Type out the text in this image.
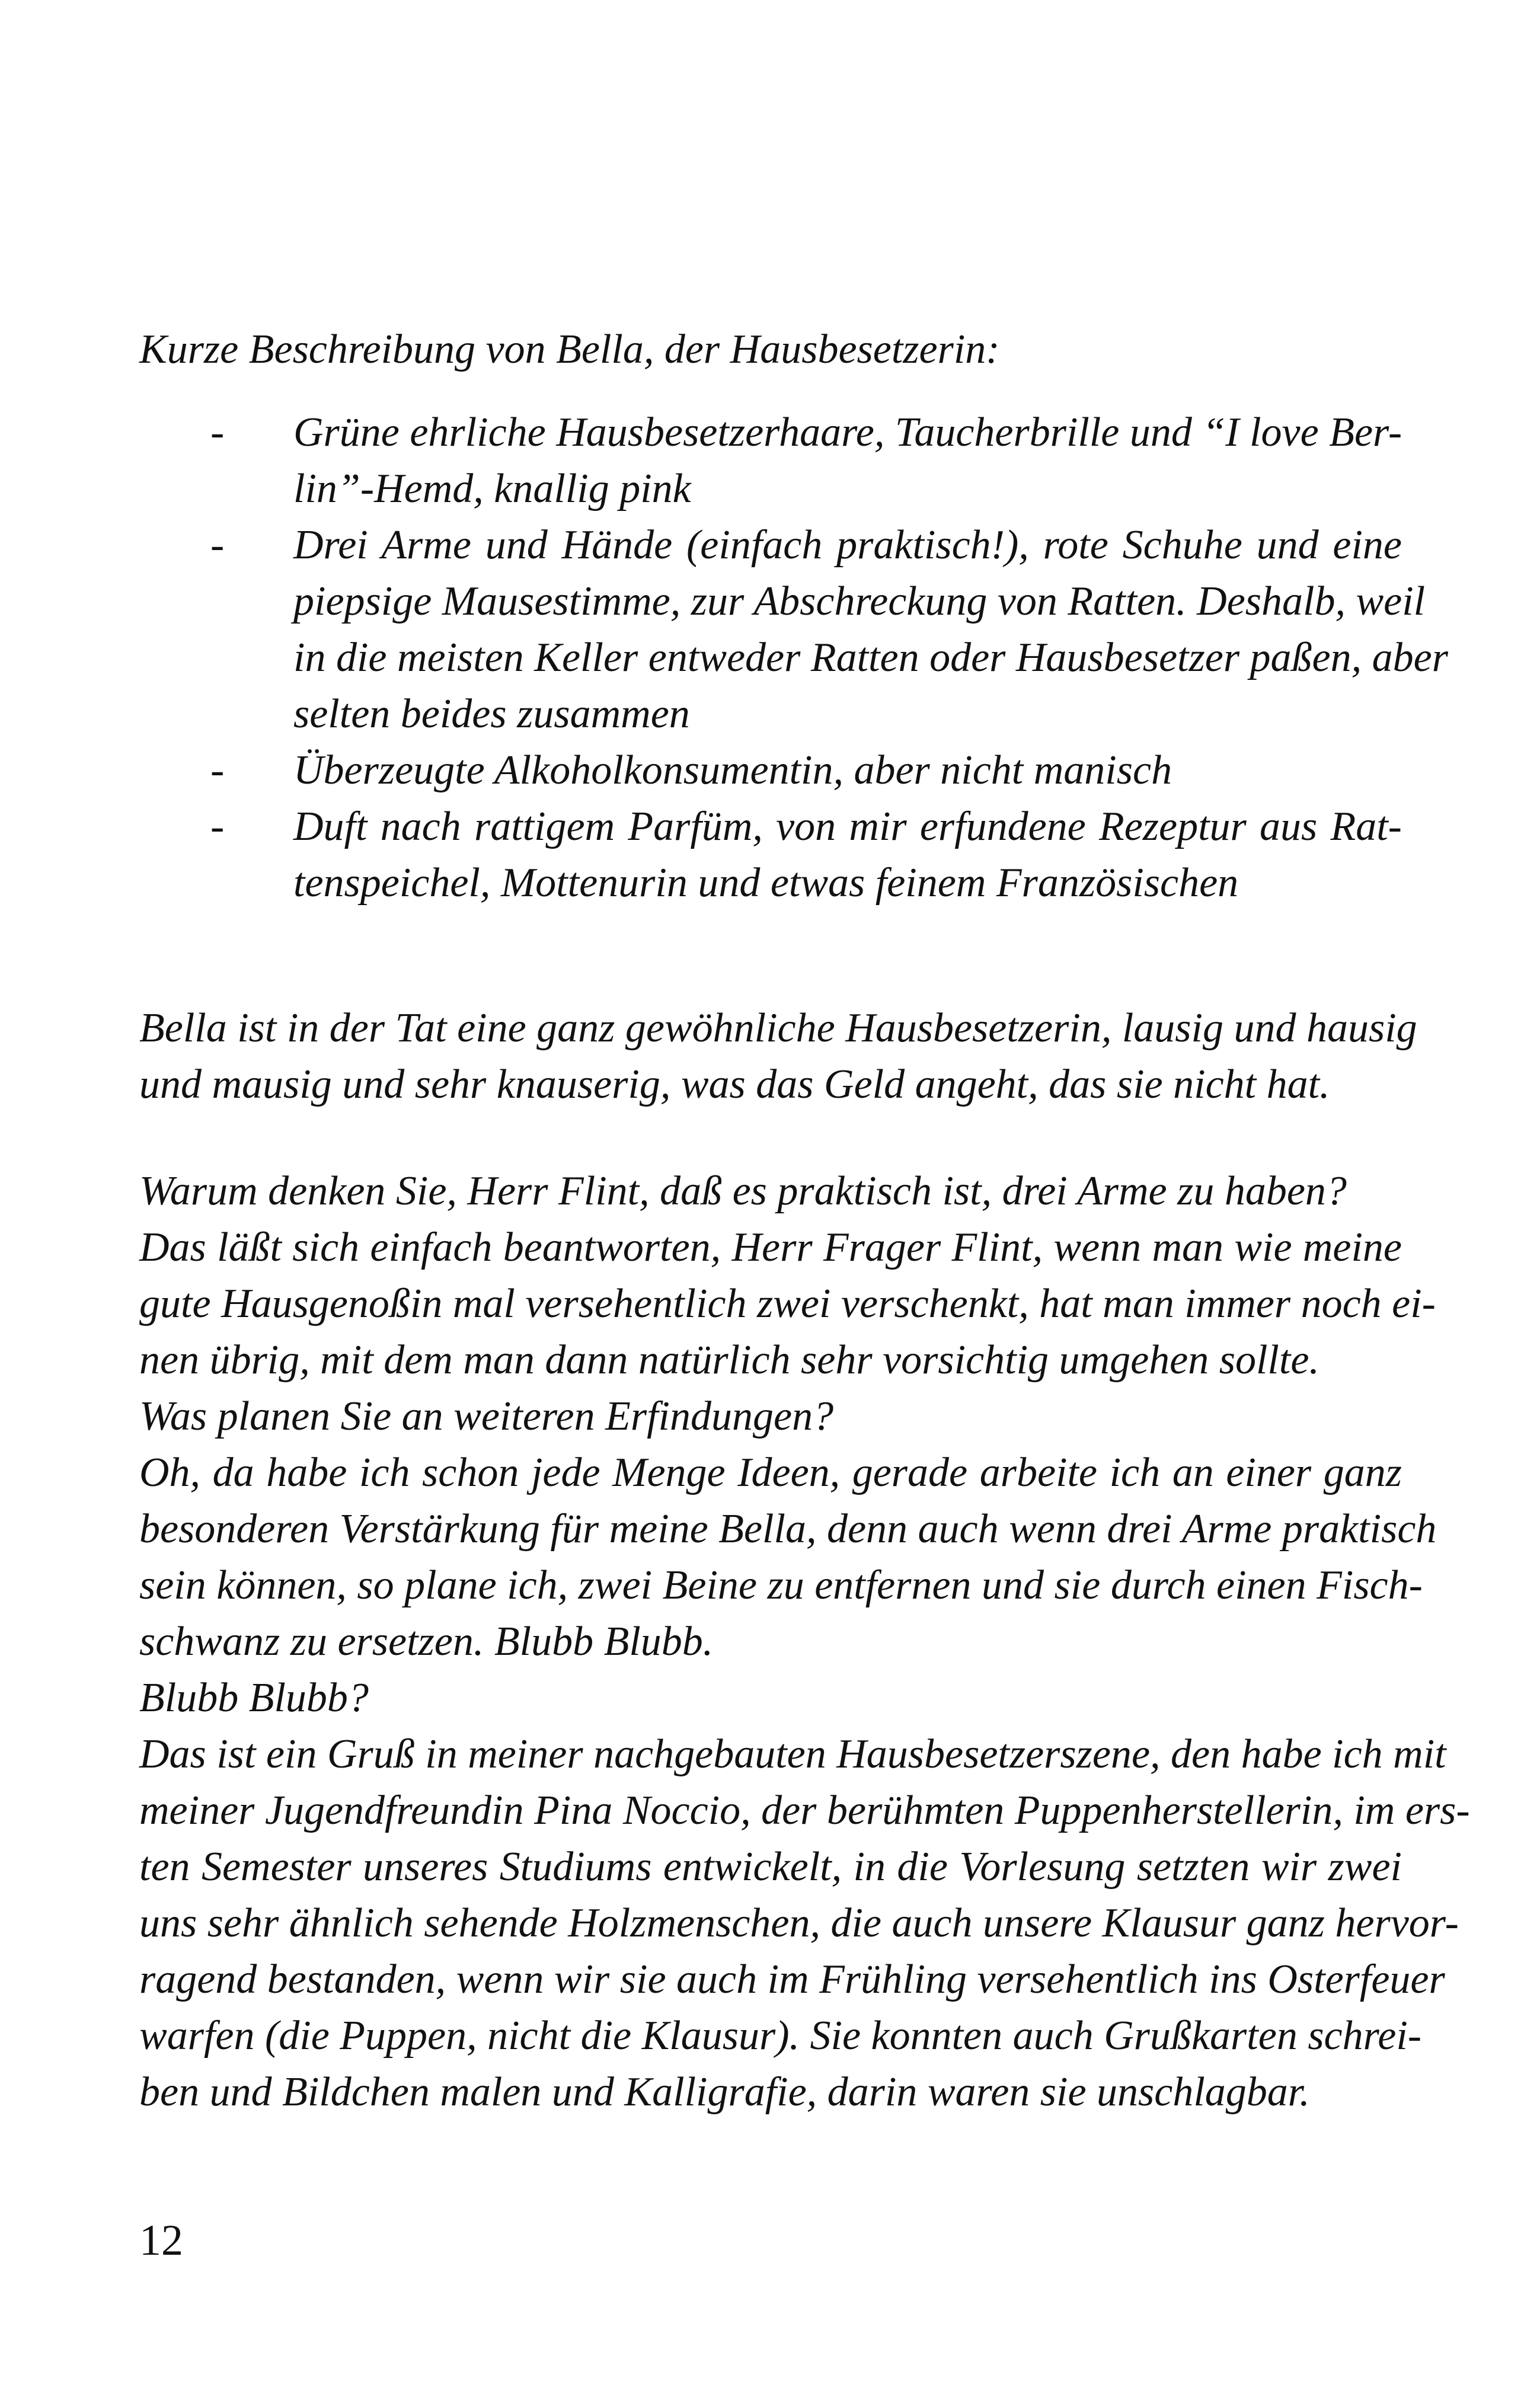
Kurze Beschreibung von Bella, der Hausbesetzerin:
- Grüne ehrliche Hausbesetzerhaare, Taucherbrille und “I love Ber-
lin”-Hemd, knallig pink
- Drei Arme und Hände (einfach praktisch!), rote Schuhe und eine
piepsige Mausestimme, zur Abschreckung von Ratten. Deshalb, weil
in die meisten Keller entweder Ratten oder Hausbesetzer paßen, aber
selten beides zusammen
- Überzeugte Alkoholkonsumentin, aber nicht manisch
- Duft nach rattigem Parfüm, von mir erfundene Rezeptur aus Rat-
tenspeichel, Mottenurin und etwas feinem Französischen
Bella ist in der Tat eine ganz gewöhnliche Hausbesetzerin, lausig und hausig
und mausig und sehr knauserig, was das Geld angeht, das sie nicht hat.
Warum denken Sie, Herr Flint, daß es praktisch ist, drei Arme zu haben?
Das läßt sich einfach beantworten, Herr Frager Flint, wenn man wie meine
gute Hausgenoßin mal versehentlich zwei verschenkt, hat man immer noch ei-
nen übrig, mit dem man dann natürlich sehr vorsichtig umgehen sollte.
Was planen Sie an weiteren Erfindungen?
Oh, da habe ich schon jede Menge Ideen, gerade arbeite ich an einer ganz
besonderen Verstärkung für meine Bella, denn auch wenn drei Arme praktisch
sein können, so plane ich, zwei Beine zu entfernen und sie durch einen Fisch-
schwanz zu ersetzen. Blubb Blubb.
Blubb Blubb?
Das ist ein Gruß in meiner nachgebauten Hausbesetzerszene, den habe ich mit
meiner Jugendfreundin Pina Noccio, der berühmten Puppenherstellerin, im ers-
ten Semester unseres Studiums entwickelt, in die Vorlesung setzten wir zwei
uns sehr ähnlich sehende Holzmenschen, die auch unsere Klausur ganz hervor-
ragend bestanden, wenn wir sie auch im Frühling versehentlich ins Osterfeuer
warfen (die Puppen, nicht die Klausur). Sie konnten auch Grußkarten schrei-
ben und Bildchen malen und Kalligrafie, darin waren sie unschlagbar.
12
